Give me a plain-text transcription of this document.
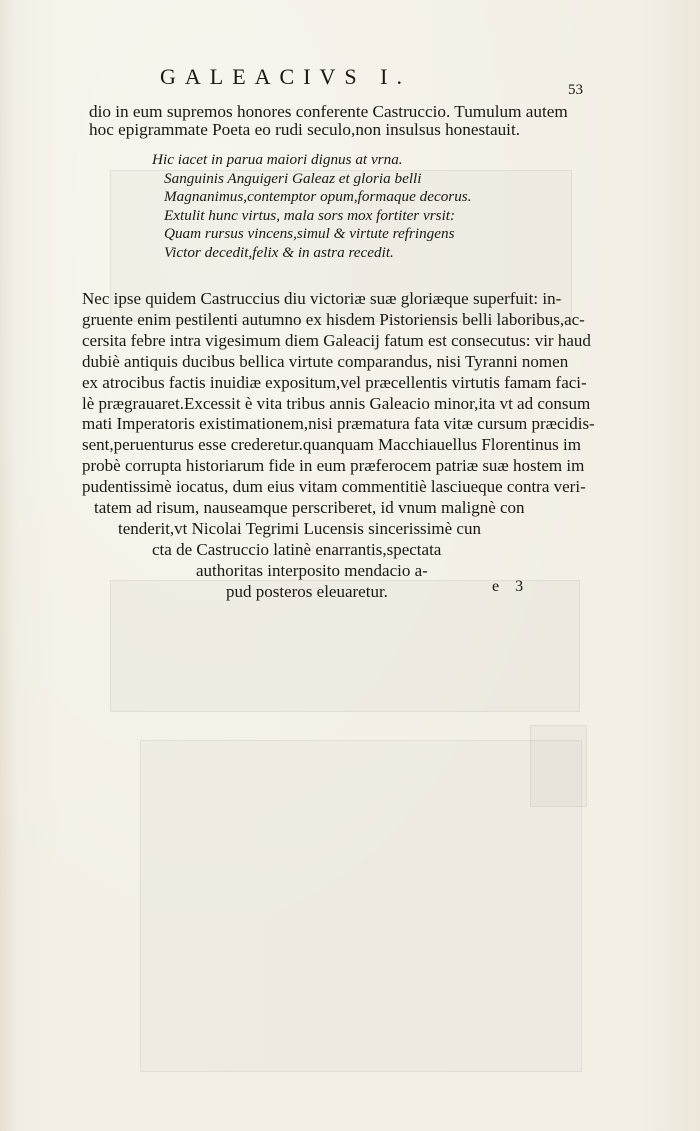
GALEACIVS I.
53
dio in eum supremos honores conferente Castruccio. Tumulum autem
hoc epigrammate Poeta eo rudi seculo,non insulsus honestauit.
Hic iacet in parua maiori dignus at vrna.
Sanguinis Anguigeri Galeaz et gloria belli
Magnanimus,contemptor opum,formaque decorus.
Extulit hunc virtus, mala sors mox fortiter vrsit:
Quam rursus vincens,simul & virtute refringens
Victor decedit,felix & in astra recedit.
Nec ipse quidem Castruccius diu victoriæ suæ gloriæque superfuit: in-
gruente enim pestilenti autumno ex hisdem Pistoriensis belli laboribus,ac-
cersita febre intra vigesimum diem Galeacij fatum est consecutus: vir haud
dubiè antiquis ducibus bellica virtute comparandus, nisi Tyranni nomen
ex atrocibus factis inuidiæ expositum,vel præcellentis virtutis famam faci-
lè prægrauaret.Excessit è vita tribus annis Galeacio minor,ita vt ad consum
mati Imperatoris existimationem,nisi præmatura fata vitæ cursum præcidis-
sent,peruenturus esse crederetur.quanquam Macchiauellus Florentinus im
probè corrupta historiarum fide in eum præferocem patriæ suæ hostem im
pudentissimè iocatus, dum eius vitam commentitiè lasciueque contra veri-
tatem ad risum, nauseamque perscriberet, id vnum malignè con
tenderit,vt Nicolai Tegrimi Lucensis sincerissimè cun
cta de Castruccio latinè enarrantis,spectata
authoritas interposito mendacio a-
pud posteros eleuaretur.	e 3
